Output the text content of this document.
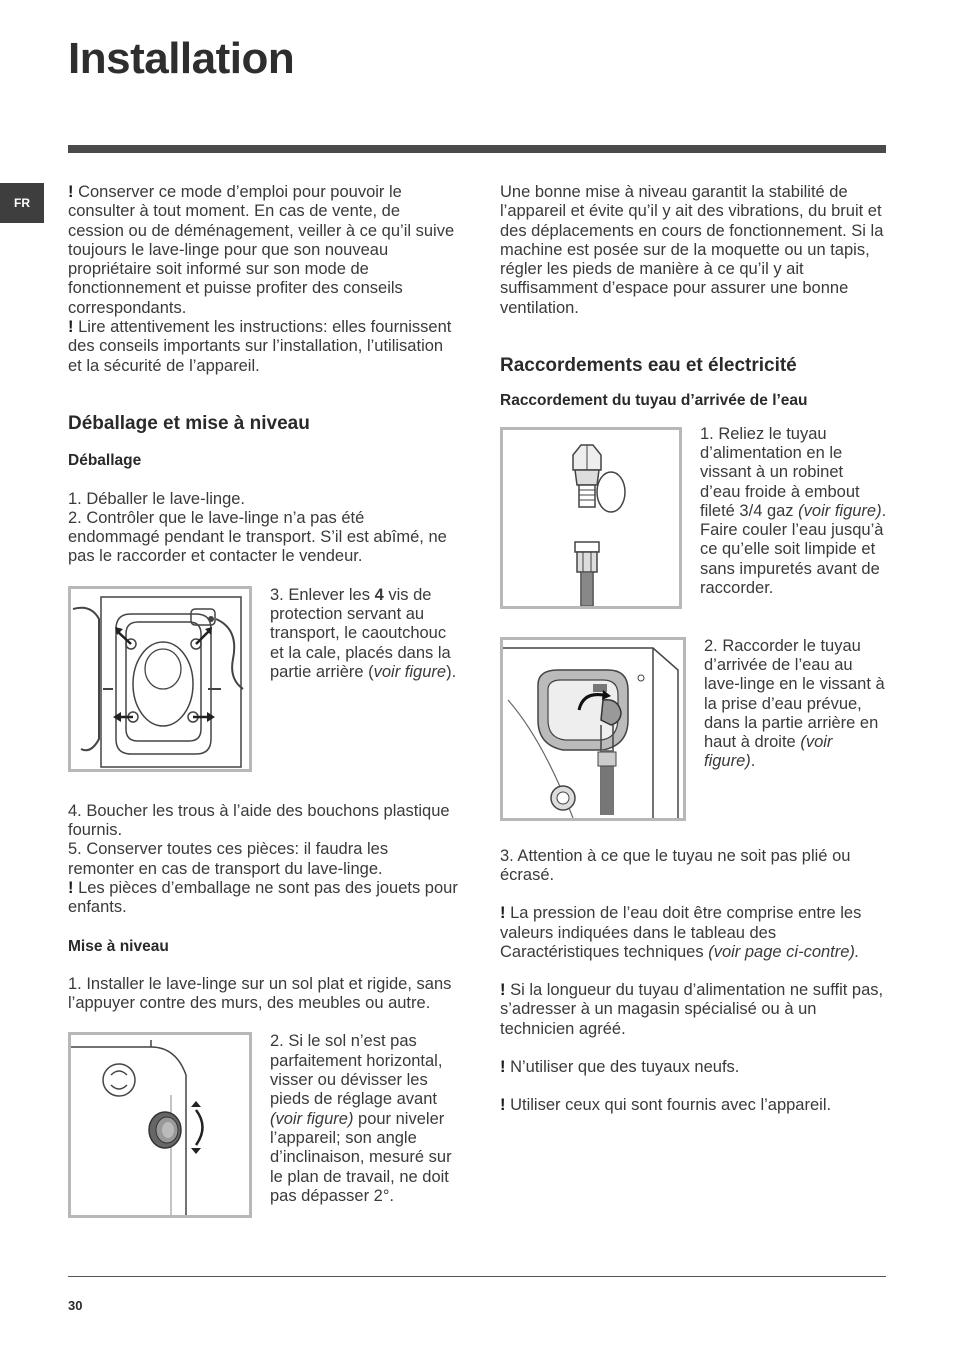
Installation
FR

! Conserver ce mode d’emploi pour pouvoir le consulter à tout moment. En cas de vente, de cession ou de déménagement, veiller à ce qu’il suive toujours le lave-linge pour que son nouveau propriétaire soit informé sur son mode de fonctionnement et puisse profiter des conseils correspondants.

! Lire attentivement les instructions: elles fournissent des conseils importants sur l’installation, l’utilisation et la sécurité de l’appareil.

Déballage et mise à niveau
Déballage

1. Déballer le lave-linge.

2. Contrôler que le lave-linge n’a pas été endommagé pendant le transport. S’il est abîmé, ne pas le raccorder et contacter le vendeur.

3. Enlever les 4 vis de protection servant au transport, le caoutchouc et la cale, placés dans la partie arrière (voir figure).

4. Boucher les trous à l’aide des bouchons plastique fournis.

5. Conserver toutes ces pièces: il faudra les remonter en cas de transport du lave-linge.

! Les pièces d’emballage ne sont pas des jouets pour enfants.

Mise à niveau

1. Installer le lave-linge sur un sol plat et rigide, sans l’appuyer contre des murs, des meubles ou autre.

2. Si le sol n’est pas parfaitement horizontal, visser ou dévisser les pieds de réglage avant (voir figure) pour niveler l’appareil; son angle d’inclinaison, mesuré sur le plan de travail, ne doit pas dépasser 2°.

Une bonne mise à niveau garantit la stabilité de l’appareil et évite qu’il y ait des vibrations, du bruit et des déplacements en cours de fonctionnement. Si la machine est posée sur de la moquette ou un tapis, régler les pieds de manière à ce qu’il y ait suffisamment d’espace pour assurer une bonne ventilation.

Raccordements eau et électricité
Raccordement du tuyau d’arrivée de l’eau

1. Reliez le tuyau d’alimentation en le vissant à un robinet d’eau froide à embout fileté 3/4 gaz (voir figure).

Faire couler l’eau jusqu’à ce qu’elle soit limpide et sans impuretés avant de raccorder.

2. Raccorder le tuyau d’arrivée de l’eau au lave-linge en le vissant à la prise d’eau prévue, dans la partie arrière en haut à droite (voir figure).

3. Attention à ce que le tuyau ne soit pas plié ou écrasé.

! La pression de l’eau doit être comprise entre les valeurs indiquées dans le tableau des Caractéristiques techniques (voir page ci-contre).

! Si la longueur du tuyau d’alimentation ne suffit pas, s’adresser à un magasin spécialisé ou à un technicien agréé.

! N’utiliser que des tuyaux neufs.

! Utiliser ceux qui sont fournis avec l’appareil.

30
